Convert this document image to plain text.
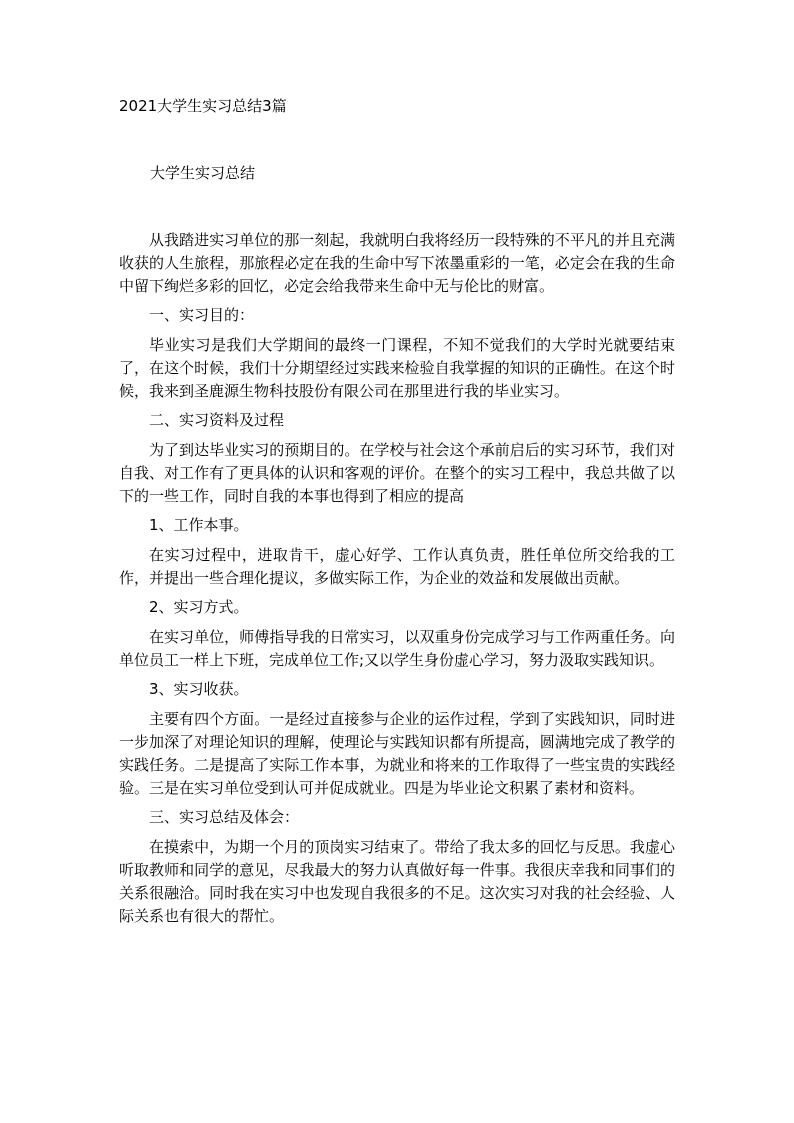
2021大学生实习总结3篇
大学生实习总结

从我踏进实习单位的那一刻起，我就明白我将经历一段特殊的不平凡的并且充满收获的人生旅程，那旅程必定在我的生命中写下浓墨重彩的一笔，必定会在我的生命中留下绚烂多彩的回忆，必定会给我带来生命中无与伦比的财富。

一、实习目的：

毕业实习是我们大学期间的最终一门课程，不知不觉我们的大学时光就要结束了，在这个时候，我们十分期望经过实践来检验自我掌握的知识的正确性。在这个时候，我来到圣鹿源生物科技股份有限公司在那里进行我的毕业实习。

二、实习资料及过程

为了到达毕业实习的预期目的。在学校与社会这个承前启后的实习环节，我们对自我、对工作有了更具体的认识和客观的评价。在整个的实习工程中，我总共做了以下的一些工作，同时自我的本事也得到了相应的提高

1、工作本事。

在实习过程中，进取肯干，虚心好学、工作认真负责，胜任单位所交给我的工作，并提出一些合理化提议，多做实际工作，为企业的效益和发展做出贡献。

2、实习方式。

在实习单位，师傅指导我的日常实习，以双重身份完成学习与工作两重任务。向单位员工一样上下班，完成单位工作;又以学生身份虚心学习，努力汲取实践知识。

3、实习收获。

主要有四个方面。一是经过直接参与企业的运作过程，学到了实践知识，同时进一步加深了对理论知识的理解，使理论与实践知识都有所提高，圆满地完成了教学的实践任务。二是提高了实际工作本事，为就业和将来的工作取得了一些宝贵的实践经验。三是在实习单位受到认可并促成就业。四是为毕业论文积累了素材和资料。

三、实习总结及体会：

在摸索中，为期一个月的顶岗实习结束了。带给了我太多的回忆与反思。我虚心听取教师和同学的意见，尽我最大的努力认真做好每一件事。我很庆幸我和同事们的关系很融洽。同时我在实习中也发现自我很多的不足。这次实习对我的社会经验、人际关系也有很大的帮忙。
